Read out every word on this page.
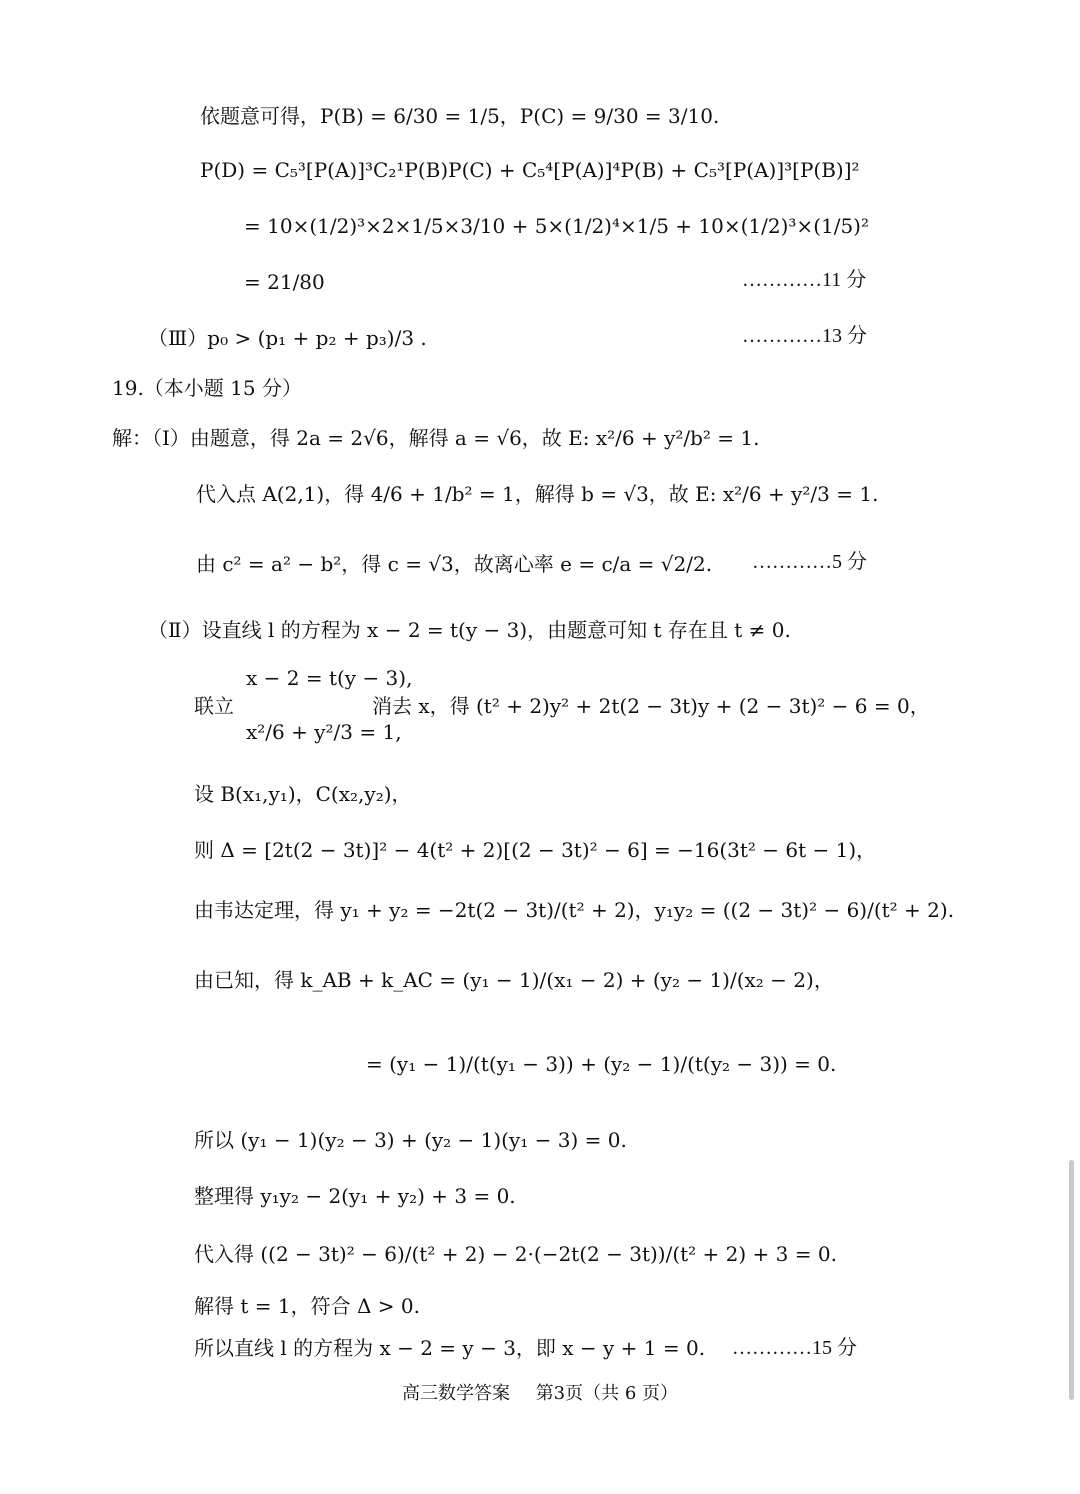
依题意可得，P(B) = 6/30 = 1/5，P(C) = 9/30 = 3/10.
P(D) = C₅³[P(A)]³C₂¹P(B)P(C) + C₅⁴[P(A)]⁴P(B) + C₅³[P(A)]³[P(B)]²
= 10×(1/2)³×2×1/5×3/10 + 5×(1/2)⁴×1/5 + 10×(1/2)³×(1/5)²
= 21/80	…………11 分
（Ⅲ）p₀ > (p₁ + p₂ + p₃)/3 .	…………13 分
19.（本小题 15 分）
解：（Ⅰ）由题意，得 2a = 2√6，解得 a = √6，故 E: x²/6 + y²/b² = 1.
代入点 A(2,1)，得 4/6 + 1/b² = 1，解得 b = √3，故 E: x²/6 + y²/3 = 1.
由 c² = a² − b²，得 c = √3，故离心率 e = c/a = √2/2. …………5 分
（Ⅱ）设直线 l 的方程为 x − 2 = t(y − 3)，由题意可知 t 存在且 t ≠ 0.
x − 2 = t(y − 3),
联立
x²/6 + y²/3 = 1,
消去 x，得 (t² + 2)y² + 2t(2 − 3t)y + (2 − 3t)² − 6 = 0，
设 B(x₁,y₁)，C(x₂,y₂)，
则 Δ = [2t(2 − 3t)]² − 4(t² + 2)[(2 − 3t)² − 6] = −16(3t² − 6t − 1)，
由韦达定理，得 y₁ + y₂ = −2t(2 − 3t)/(t² + 2)，y₁y₂ = ((2 − 3t)² − 6)/(t² + 2).
由已知，得 k_AB + k_AC = (y₁ − 1)/(x₁ − 2) + (y₂ − 1)/(x₂ − 2)，
= (y₁ − 1)/(t(y₁ − 3)) + (y₂ − 1)/(t(y₂ − 3)) = 0.
所以 (y₁ − 1)(y₂ − 3) + (y₂ − 1)(y₁ − 3) = 0.
整理得 y₁y₂ − 2(y₁ + y₂) + 3 = 0.
代入得 ((2 − 3t)² − 6)/(t² + 2) − 2·(−2t(2 − 3t))/(t² + 2) + 3 = 0.
解得 t = 1，符合 Δ > 0.
所以直线 l 的方程为 x − 2 = y − 3，即 x − y + 1 = 0. …………15 分
高三数学答案 第3页（共 6 页）
